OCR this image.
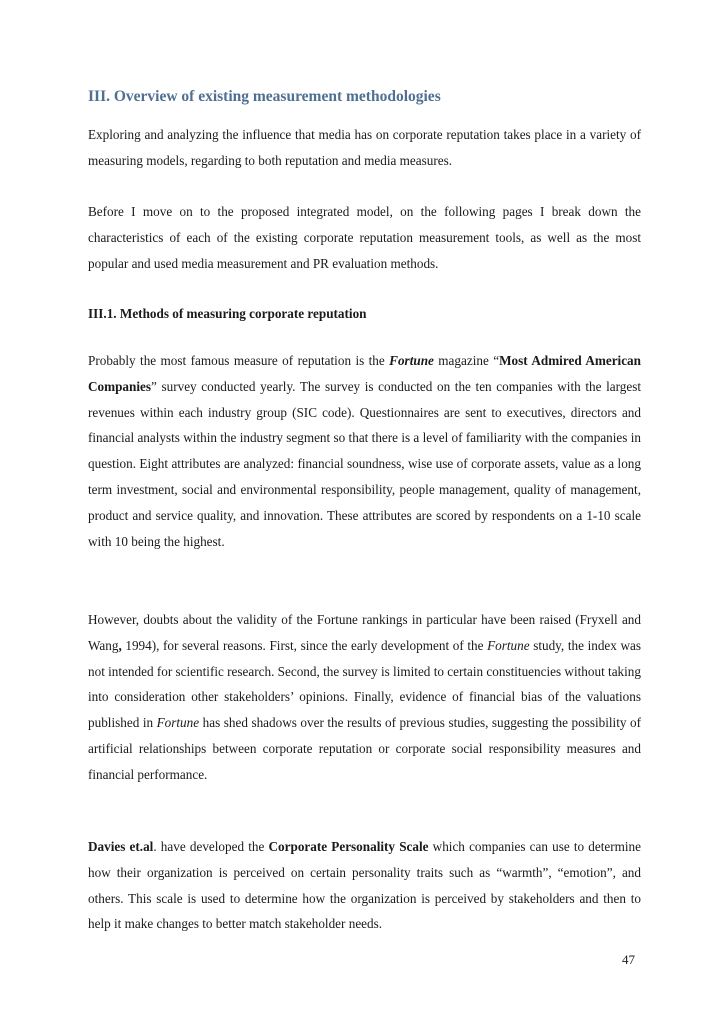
III. Overview of existing measurement methodologies

Exploring and analyzing the influence that media has on corporate reputation takes place in a variety of measuring models, regarding to both reputation and media measures.

Before I move on to the proposed integrated model, on the following pages I break down the characteristics of each of the existing corporate reputation measurement tools, as well as the most popular and used media measurement and PR evaluation methods.

III.1. Methods of measuring corporate reputation

Probably the most famous measure of reputation is the Fortune magazine “Most Admired American Companies” survey conducted yearly. The survey is conducted on the ten companies with the largest revenues within each industry group (SIC code). Questionnaires are sent to executives, directors and financial analysts within the industry segment so that there is a level of familiarity with the companies in question. Eight attributes are analyzed: financial soundness, wise use of corporate assets, value as a long term investment, social and environmental responsibility, people management, quality of management, product and service quality, and innovation. These attributes are scored by respondents on a 1-10 scale with 10 being the highest.

However, doubts about the validity of the Fortune rankings in particular have been raised (Fryxell and Wang, 1994), for several reasons. First, since the early development of the Fortune study, the index was not intended for scientific research. Second, the survey is limited to certain constituencies without taking into consideration other stakeholders’ opinions. Finally, evidence of financial bias of the valuations published in Fortune has shed shadows over the results of previous studies, suggesting the possibility of artificial relationships between corporate reputation or corporate social responsibility measures and financial performance.

Davies et.al. have developed the Corporate Personality Scale which companies can use to determine how their organization is perceived on certain personality traits such as “warmth”, “emotion”, and others. This scale is used to determine how the organization is perceived by stakeholders and then to help it make changes to better match stakeholder needs.

47
